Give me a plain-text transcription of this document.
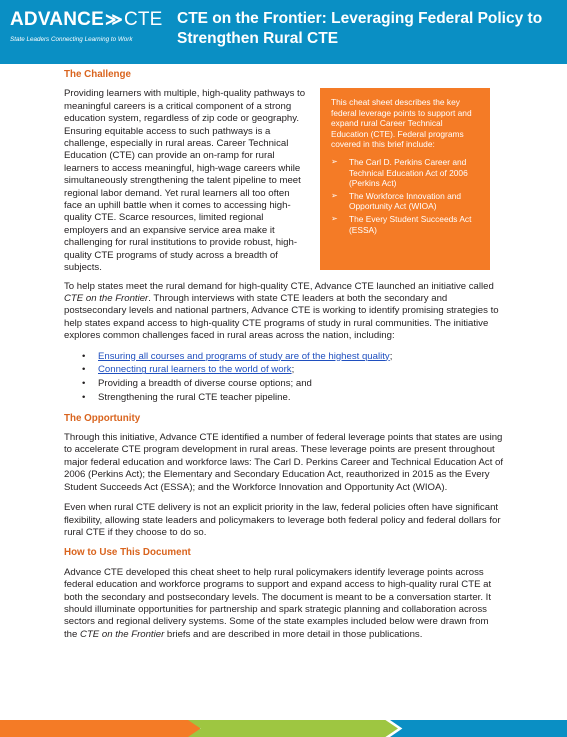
ADVANCE≫CTE
State Leaders Connecting Learning to Work
CTE on the Frontier: Leveraging Federal Policy to Strengthen Rural CTE
The Challenge

Providing learners with multiple, high-quality pathways to meaningful careers is a critical component of a strong education system, regardless of zip code or geography. Ensuring equitable access to such pathways is a challenge, especially in rural areas. Career Technical Education (CTE) can provide an on-ramp for rural learners to access meaningful, high-wage careers while simultaneously strengthening the talent pipeline to meet regional labor demand. Yet rural learners all too often face an uphill battle when it comes to accessing high-quality CTE. Scarce resources, limited regional employers and an expansive service area make it challenging for rural institutions to provide robust, high-quality CTE programs of study across a breadth of subjects.

To help states meet the rural demand for high-quality CTE, Advance CTE launched an initiative called CTE on the Frontier. Through interviews with state CTE leaders at both the secondary and postsecondary levels and national partners, Advance CTE is working to identify promising strategies to help states expand access to high-quality CTE programs of study in rural communities. The initiative explores common challenges faced in rural areas across the nation, including:

• Ensuring all courses and programs of study are of the highest quality;
• Connecting rural learners to the world of work;
• Providing a breadth of diverse course options; and
• Strengthening the rural CTE teacher pipeline.
The Opportunity

Through this initiative, Advance CTE identified a number of federal leverage points that states are using to accelerate CTE program development in rural areas. These leverage points are present throughout major federal education and workforce laws: The Carl D. Perkins Career and Technical Education Act of 2006 (Perkins Act); the Elementary and Secondary Education Act, reauthorized in 2015 as the Every Student Succeeds Act (ESSA); and the Workforce Innovation and Opportunity Act (WIOA).

Even when rural CTE delivery is not an explicit priority in the law, federal policies often have significant flexibility, allowing state leaders and policymakers to leverage both federal policy and federal dollars for rural CTE if they choose to do so.

How to Use This Document

Advance CTE developed this cheat sheet to help rural policymakers identify leverage points across federal education and workforce programs to support and expand access to high-quality rural CTE at both the secondary and postsecondary levels. The document is meant to be a conversation starter. It should illuminate opportunities for partnership and spark strategic planning and collaboration across sectors and regional delivery systems. Some of the state examples included below were drawn from the CTE on the Frontier briefs and are described in more detail in those publications.

This cheat sheet describes the key federal leverage points to support and expand rural Career Technical Education (CTE). Federal programs covered in this brief include:

➢ The Carl D. Perkins Career and Technical Education Act of 2006 (Perkins Act)
➢ The Workforce Innovation and Opportunity Act (WIOA)
➢ The Every Student Succeeds Act (ESSA)
